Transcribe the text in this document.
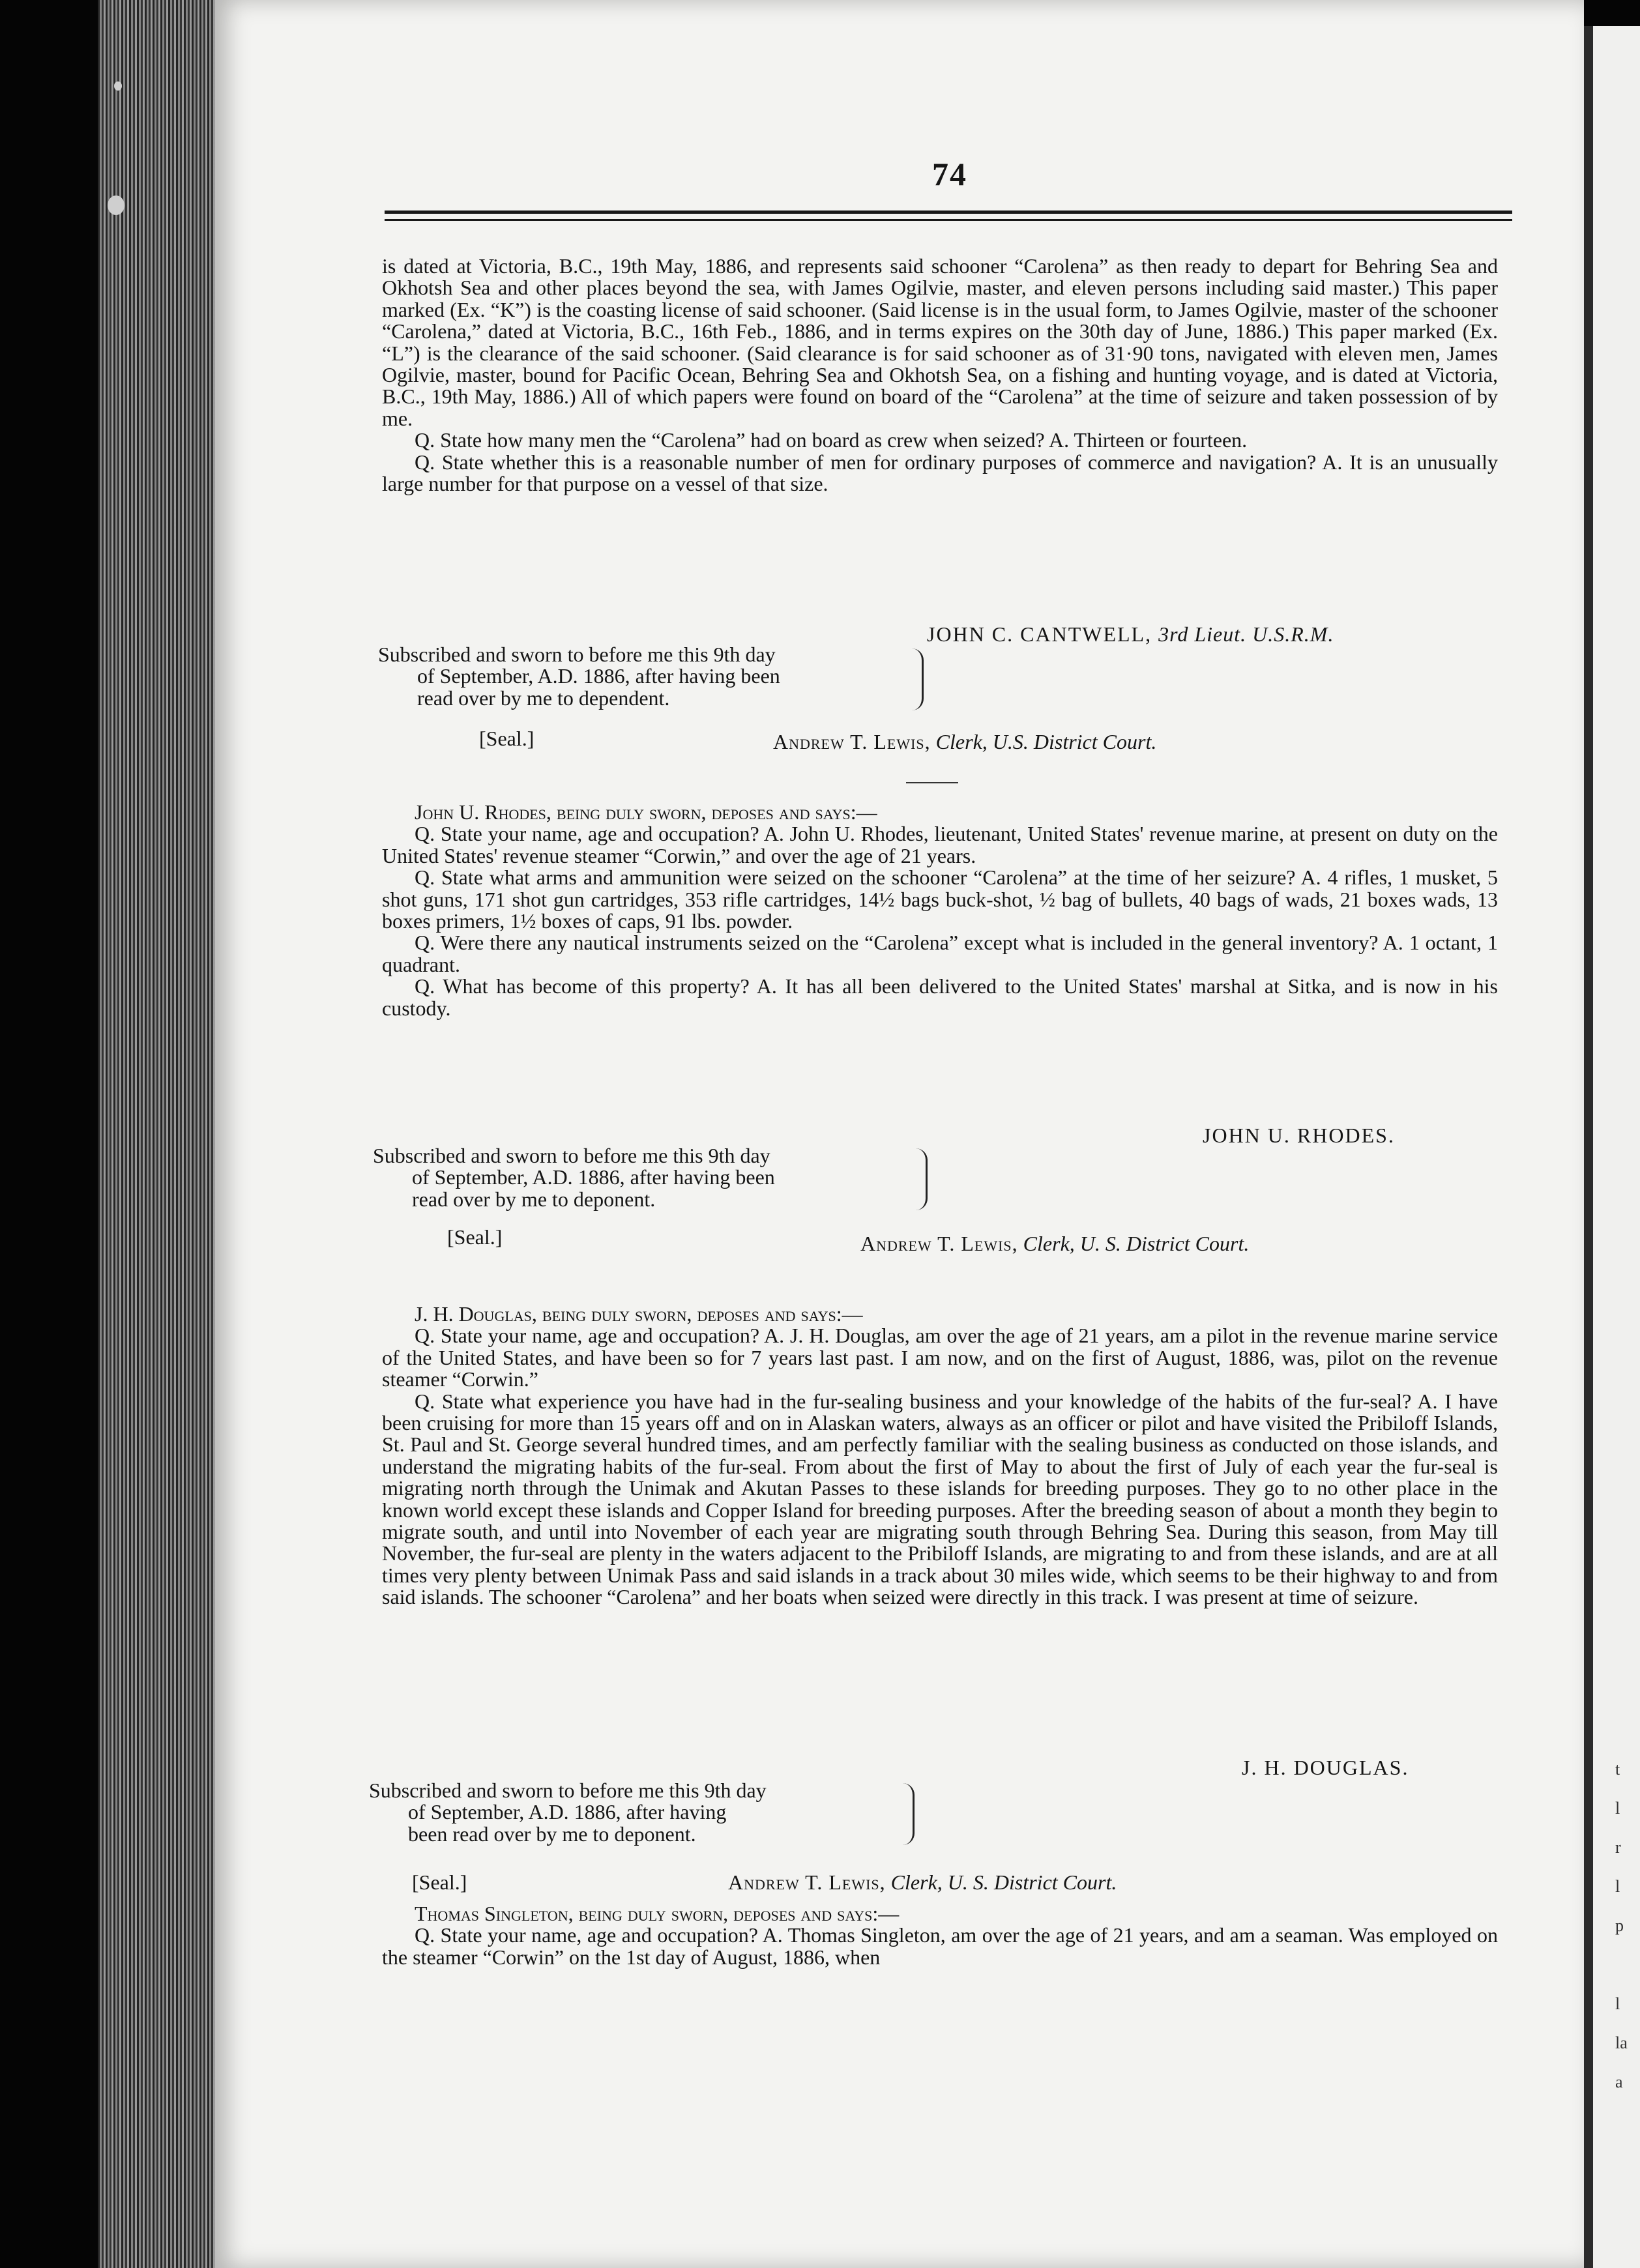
t
l
r
l
p
l
la
a
74

is dated at Victoria, B.C., 19th May, 1886, and represents said schooner “Carolena” as then ready to depart for Behring Sea and Okhotsh Sea and other places beyond the sea, with James Ogilvie, master, and eleven persons including said master.) This paper marked (Ex. “K”) is the coasting license of said schooner. (Said license is in the usual form, to James Ogilvie, master of the schooner “Carolena,” dated at Victoria, B.C., 16th Feb., 1886, and in terms expires on the 30th day of June, 1886.) This paper marked (Ex. “L”) is the clearance of the said schooner. (Said clearance is for said schooner as of 31·90 tons, navigated with eleven men, James Ogilvie, master, bound for Pacific Ocean, Behring Sea and Okhotsh Sea, on a fishing and hunting voyage, and is dated at Victoria, B.C., 19th May, 1886.) All of which papers were found on board of the “Carolena” at the time of seizure and taken possession of by me.

Q. State how many men the “Carolena” had on board as crew when seized? A. Thirteen or fourteen.

Q. State whether this is a reasonable number of men for ordinary purposes of commerce and navigation? A. It is an unusually large number for that purpose on a vessel of that size.

JOHN C. CANTWELL, 3rd Lieut. U.S.R.M.

Subscribed and sworn to before me this 9th day

of September, A.D. 1886, after having been

read over by me to dependent.

[Seal.]	Andrew T. Lewis, Clerk, U.S. District Court.

John U. Rhodes, being duly sworn, deposes and says:—

Q. State your name, age and occupation? A. John U. Rhodes, lieutenant, United States' revenue marine, at present on duty on the United States' revenue steamer “Corwin,” and over the age of 21 years.

Q. State what arms and ammunition were seized on the schooner “Carolena” at the time of her seizure? A. 4 rifles, 1 musket, 5 shot guns, 171 shot gun cartridges, 353 rifle cartridges, 14½ bags buck-shot, ½ bag of bullets, 40 bags of wads, 21 boxes wads, 13 boxes primers, 1½ boxes of caps, 91 lbs. powder.

Q. Were there any nautical instruments seized on the “Carolena” except what is included in the general inventory? A. 1 octant, 1 quadrant.

Q. What has become of this property? A. It has all been delivered to the United States' marshal at Sitka, and is now in his custody.

JOHN U. RHODES.

Subscribed and sworn to before me this 9th day

of September, A.D. 1886, after having been

read over by me to deponent.

[Seal.]	Andrew T. Lewis, Clerk, U. S. District Court.

J. H. Douglas, being duly sworn, deposes and says:—

Q. State your name, age and occupation? A. J. H. Douglas, am over the age of 21 years, am a pilot in the revenue marine service of the United States, and have been so for 7 years last past. I am now, and on the first of August, 1886, was, pilot on the revenue steamer “Corwin.”

Q. State what experience you have had in the fur-sealing business and your knowledge of the habits of the fur-seal? A. I have been cruising for more than 15 years off and on in Alaskan waters, always as an officer or pilot and have visited the Pribiloff Islands, St. Paul and St. George several hundred times, and am perfectly familiar with the sealing business as conducted on those islands, and understand the migrating habits of the fur-seal. From about the first of May to about the first of July of each year the fur-seal is migrating north through the Unimak and Akutan Passes to these islands for breeding purposes. They go to no other place in the known world except these islands and Copper Island for breeding purposes. After the breeding season of about a month they begin to migrate south, and until into November of each year are migrating south through Behring Sea. During this season, from May till November, the fur-seal are plenty in the waters adjacent to the Pribiloff Islands, are migrating to and from these islands, and are at all times very plenty between Unimak Pass and said islands in a track about 30 miles wide, which seems to be their highway to and from said islands. The schooner “Carolena” and her boats when seized were directly in this track. I was present at time of seizure.

J. H. DOUGLAS.

Subscribed and sworn to before me this 9th day

of September, A.D. 1886, after having

been read over by me to deponent.

[Seal.]	Andrew T. Lewis, Clerk, U. S. District Court.

Thomas Singleton, being duly sworn, deposes and says:—

Q. State your name, age and occupation? A. Thomas Singleton, am over the age of 21 years, and am a seaman. Was employed on the steamer “Corwin” on the 1st day of August, 1886, when
